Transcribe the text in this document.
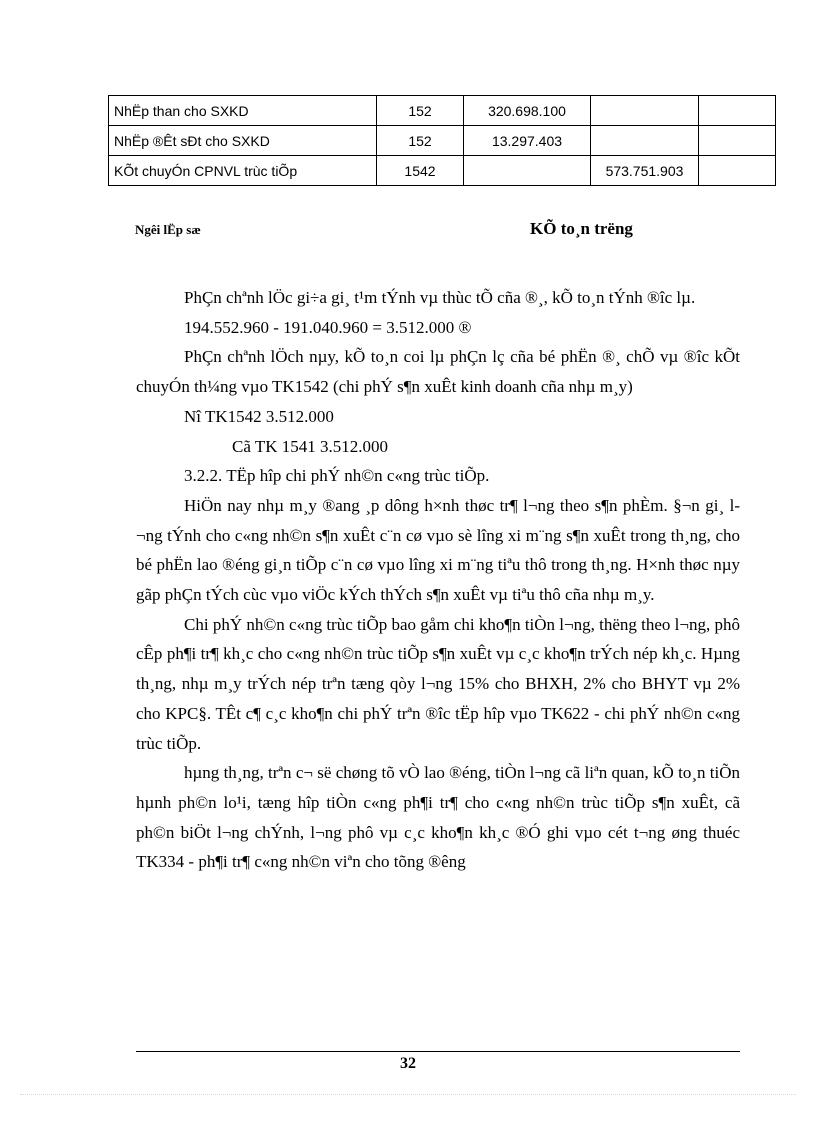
NhËp than cho SXKD	152	320.698.100		
NhËp ®Êt sÐt cho SXKD	152	13.297.403		
KÕt chuyÓn CPNVL trùc tiÕp	1542		573.751.903	
Ngêi lËp sæ	KÕ to¸n trëng

PhÇn chªnh lÖc gi÷a gi¸ t¹m tÝnh vµ thùc tÕ cña ®¸, kÕ to¸n tÝnh ®îc lµ.

194.552.960 - 191.040.960 = 3.512.000 ®

PhÇn chªnh lÖch nµy, kÕ to¸n coi lµ phÇn lç cña bé phËn ®¸ chÕ vµ ®îc kÕt chuyÓn th¼ng vµo TK1542 (chi phÝ s¶n xuÊt kinh doanh cña nhµ m¸y)

Nî TK1542 3.512.000

Cã TK 1541 3.512.000

3.2.2. TËp hîp chi phÝ nh©n c«ng trùc tiÕp.

HiÖn nay nhµ m¸y ®ang ¸p dông h×nh thøc tr¶ l¬ng theo s¶n phÈm. §¬n gi¸ l¬ng tÝnh cho c«ng nh©n s¶n xuÊt c¨n cø vµo sè lîng xi m¨ng s¶n xuÊt trong th¸ng, cho bé phËn lao ®éng gi¸n tiÕp c¨n cø vµo lîng xi m¨ng tiªu thô trong th¸ng. H×nh thøc nµy gãp phÇn tÝch cùc vµo viÖc kÝch thÝch s¶n xuÊt vµ tiªu thô cña nhµ m¸y.

Chi phÝ nh©n c«ng trùc tiÕp bao gåm chi kho¶n tiÒn l¬ng, thëng theo l¬ng, phô cÊp ph¶i tr¶ kh¸c cho c«ng nh©n trùc tiÕp s¶n xuÊt vµ c¸c kho¶n trÝch nép kh¸c. Hµng th¸ng, nhµ m¸y trÝch nép trªn tæng qòy l¬ng 15% cho BHXH, 2% cho BHYT vµ 2% cho KPC§. TÊt c¶ c¸c kho¶n chi phÝ trªn ®îc tËp hîp vµo TK622 - chi phÝ nh©n c«ng trùc tiÕp.

hµng th¸ng, trªn c¬ së chøng tõ vÒ lao ®éng, tiÒn l¬ng cã liªn quan, kÕ to¸n tiÕn hµnh ph©n lo¹i, tæng hîp tiÒn c«ng ph¶i tr¶ cho c«ng nh©n trùc tiÕp s¶n xuÊt, cã ph©n biÖt l¬ng chÝnh, l¬ng phô vµ c¸c kho¶n kh¸c ®Ó ghi vµo cét t¬ng øng thuéc TK334 - ph¶i tr¶ c«ng nh©n viªn cho tõng ®êng

32
